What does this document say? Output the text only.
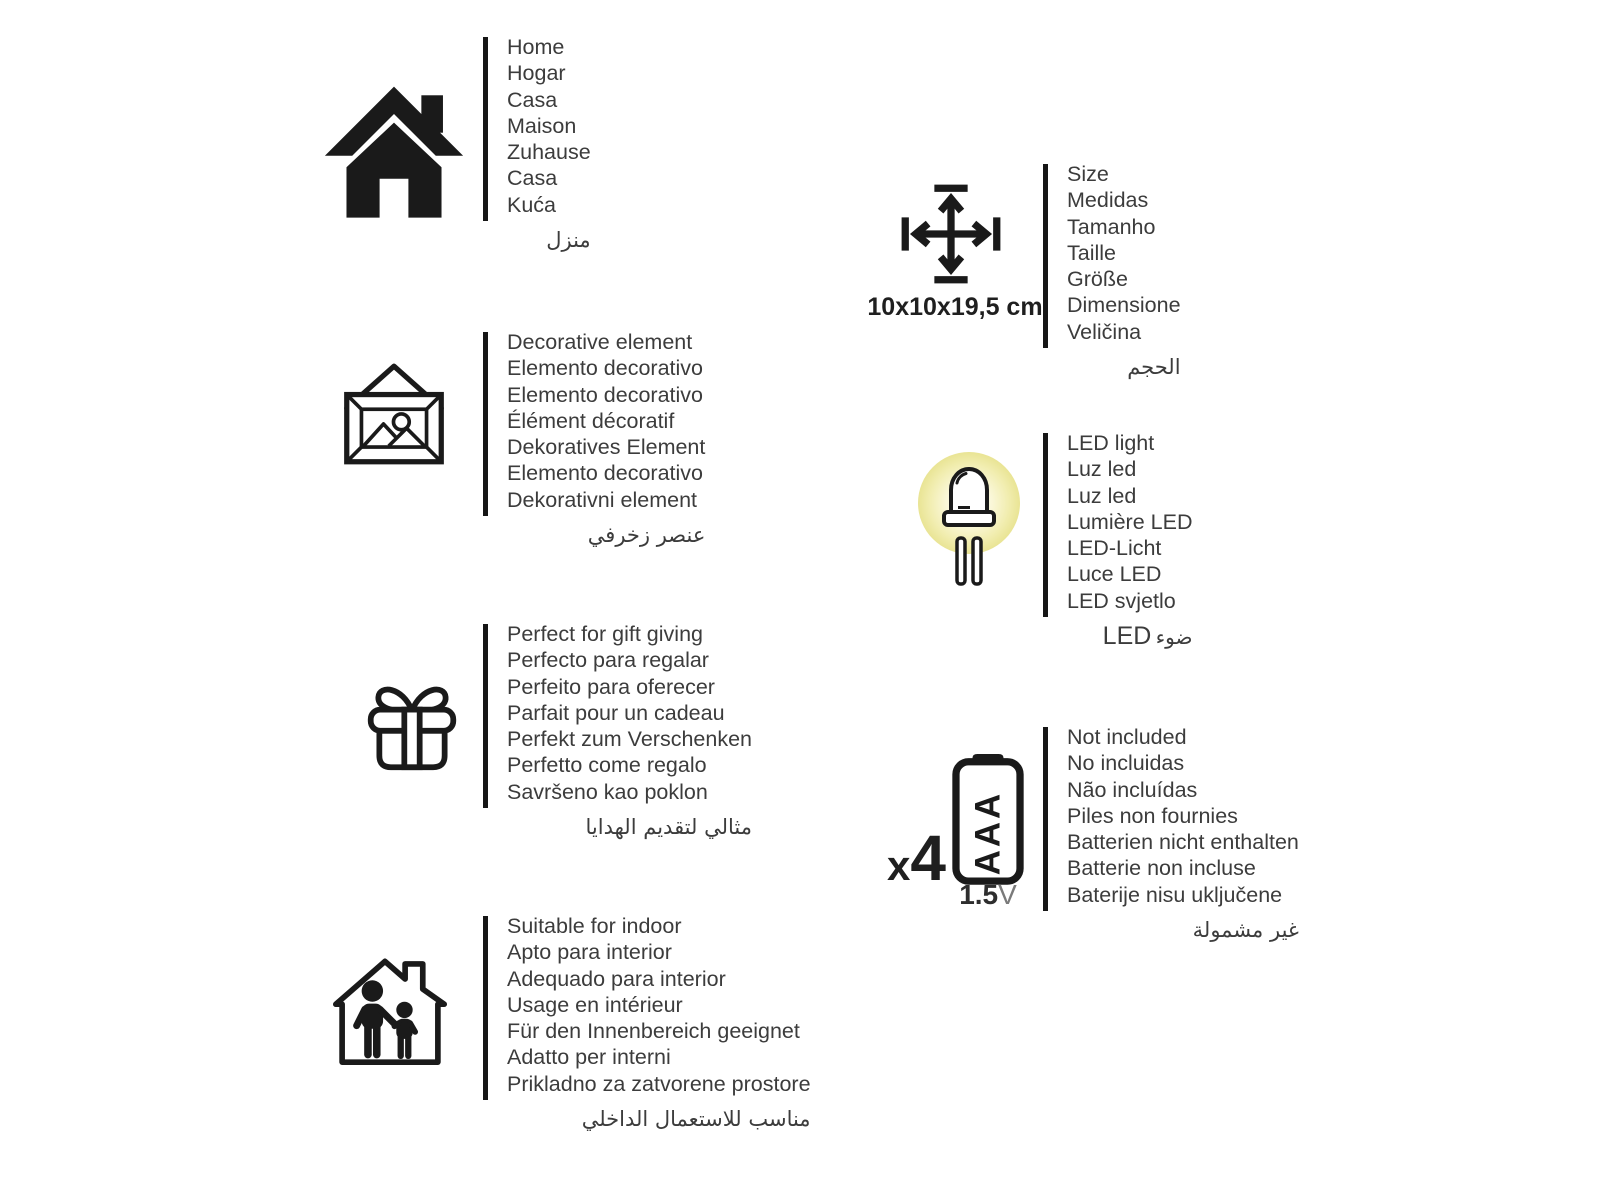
Home
Hogar
Casa
Maison
Zuhause
Casa
Kuća
منزل
Decorative element
Elemento decorativo
Elemento decorativo
Élément décoratif
Dekoratives Element
Elemento decorativo
Dekorativni element
عنصر زخرفي
Perfect for gift giving
Perfecto para regalar
Perfeito para oferecer
Parfait pour un cadeau
Perfekt zum Verschenken
Perfetto come regalo
Savršeno kao poklon
مثالي لتقديم الهدايا
Suitable for indoor
Apto para interior
Adequado para interior
Usage en intérieur
Für den Innenbereich geeignet
Adatto per interni
Prikladno za zatvorene prostore
مناسب للاستعمال الداخلي
10x10x19,5 cm
Size
Medidas
Tamanho
Taille
Größe
Dimensione
Veličina
الحجم
LED light
Luz led
Luz led
Lumière LED
LED-Licht
Luce LED
LED svjetlo
LED ضوء
x4 AAA
1.5V
Not included
No incluidas
Não incluídas
Piles non fournies
Batterien nicht enthalten
Batterie non incluse
Baterije nisu uključene
غير مشمولة
